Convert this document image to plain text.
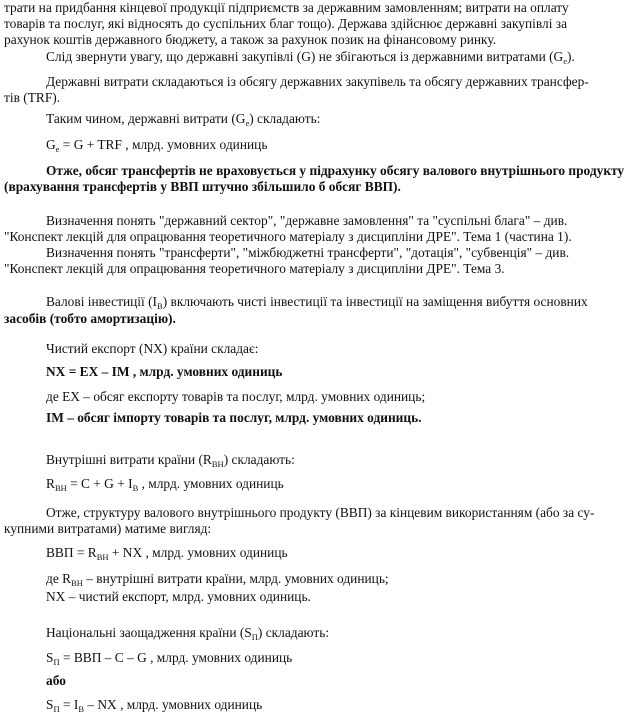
трати на придбання кінцевої продукції підприємств за державним замовленням; витрати на оплату
товарів та послуг, які відносять до суспільних благ тощо). Держава здійснює державні закупівлі за
рахунок коштів державного бюджету, а також за рахунок позик на фінансовому ринку.
Слід звернути увагу, що державні закупівлі (G) не збігаються із державними витратами $(G_e)$.
Державні витрати складаються із обсягу державних закупівель та обсягу державних трансфер-
тів (TRF).
Таким чином, державні витрати $(G_e)$ складають:
$G_e = G$ + TRF , млрд. умовних одиниць
Отже, обсяг трансфертів не враховується у підрахунку обсягу валового внутрішнього продукту
(врахування трансфертів у ВВП штучно збільшило б обсяг ВВП).
Визначення понять "державний сектор", "державне замовлення" та "суспільні блага" – див.
"Конспект лекцій для опрацювання теоретичного матеріалу з дисципліни ДРЕ". Тема 1 (частина 1).
Визначення понять "трансферти", "міжбюджетні трансферти", "дотація", "субвенція" – див.
"Конспект лекцій для опрацювання теоретичного матеріалу з дисципліни ДРЕ". Тема 3.
Валові інвестиції $(I_В)$ включають чисті інвестиції та інвестиції на заміщення вибуття основних
засобів (тобто амортизацію).
Чистий експорт (NX) країни складає:
NX = EX – IM , млрд. умовних одиниць
де EX – обсяг експорту товарів та послуг, млрд. умовних одиниць;
IM – обсяг імпорту товарів та послуг, млрд. умовних одиниць.
Внутрішні витрати країни $(R_{ВН})$ складають:
$R_{ВН} = C + G + I_В$ , млрд. умовних одиниць
Отже, структуру валового внутрішнього продукту (ВВП) за кінцевим використанням (або за су-
купними витратами) матиме вигляд:
ВВП = $R_{ВН}$ + NX , млрд. умовних одиниць
де $R_{ВН}$ – внутрішні витрати країни, млрд. умовних одиниць;
NX – чистий експорт, млрд. умовних одиниць.
Національні заощадження країни $(S_П)$ складають:
$S_П$ = ВВП – C – G , млрд. умовних одиниць
або
$S_П = I_В$ – NX , млрд. умовних одиниць
